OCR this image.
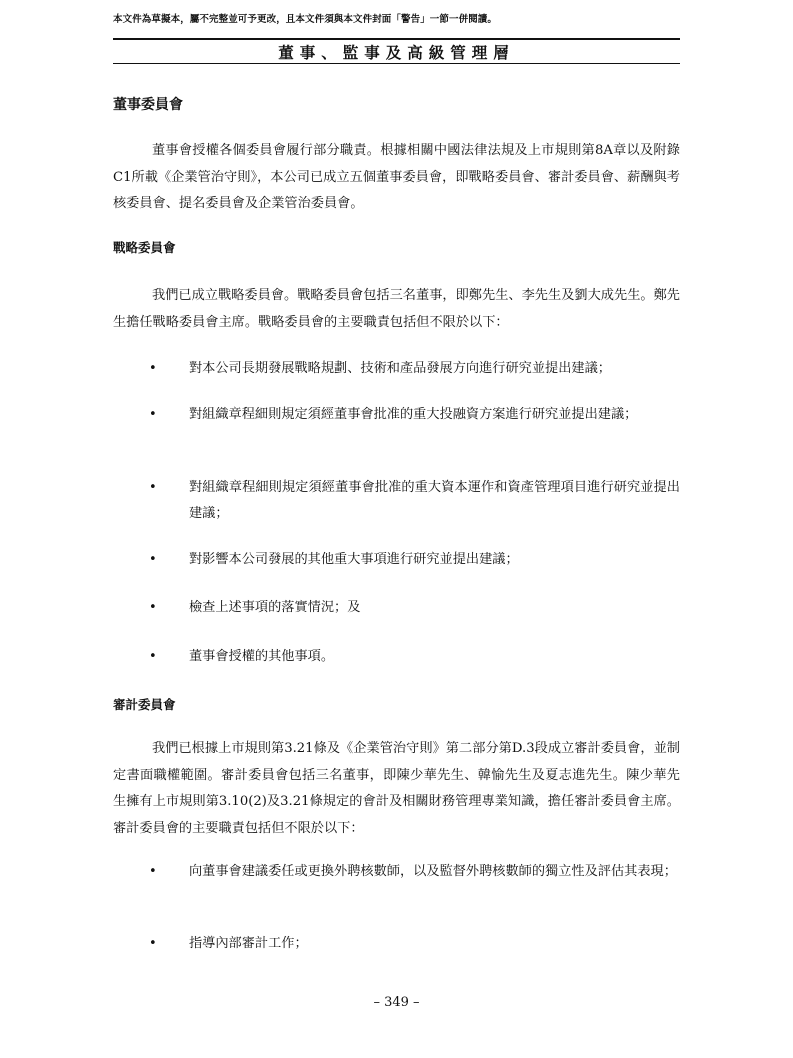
本文件為草擬本，屬不完整並可予更改，且本文件須與本文件封面「警告」一節一併閱讀。
董事、監事及高級管理層
董事委員會

董事會授權各個委員會履行部分職責。根據相關中國法律法規及上市規則第8A章以及附錄C1所載《企業管治守則》，本公司已成立五個董事委員會，即戰略委員會、審計委員會、薪酬與考核委員會、提名委員會及企業管治委員會。

戰略委員會

我們已成立戰略委員會。戰略委員會包括三名董事，即鄭先生、李先生及劉大成先生。鄭先生擔任戰略委員會主席。戰略委員會的主要職責包括但不限於以下：

• 對本公司長期發展戰略規劃、技術和產品發展方向進行研究並提出建議；
• 對組織章程細則規定須經董事會批准的重大投融資方案進行研究並提出建議；
• 對組織章程細則規定須經董事會批准的重大資本運作和資產管理項目進行研究並提出建議；
• 對影響本公司發展的其他重大事項進行研究並提出建議；
• 檢查上述事項的落實情況；及
• 董事會授權的其他事項。
審計委員會

我們已根據上市規則第3.21條及《企業管治守則》第二部分第D.3段成立審計委員會，並制定書面職權範圍。審計委員會包括三名董事，即陳少華先生、韓愉先生及夏志進先生。陳少華先生擁有上市規則第3.10(2)及3.21條規定的會計及相關財務管理專業知識，擔任審計委員會主席。審計委員會的主要職責包括但不限於以下：

• 向董事會建議委任或更換外聘核數師，以及監督外聘核數師的獨立性及評估其表現；
• 指導內部審計工作；
– 349 –
